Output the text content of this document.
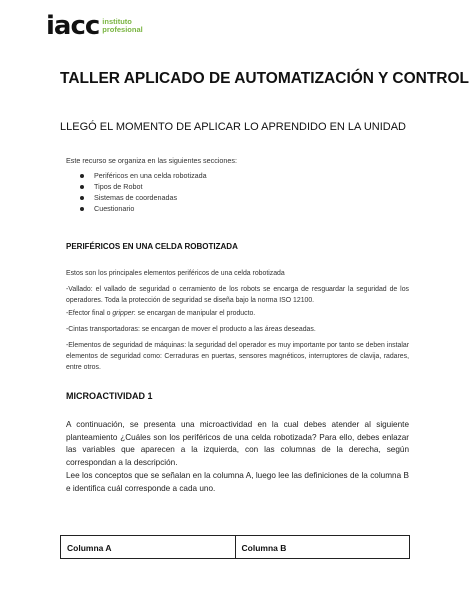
iacc instituto
profesional
TALLER APLICADO DE AUTOMATIZACIÓN Y CONTROL
LLEGÓ EL MOMENTO DE APLICAR LO APRENDIDO EN LA UNIDAD
Este recurso se organiza en las siguientes secciones:
Periféricos en una celda robotizada
Tipos de Robot
Sistemas de coordenadas
Cuestionario
PERIFÉRICOS EN UNA CELDA ROBOTIZADA
Estos son los principales elementos periféricos de una celda robotizada
-Vallado: el vallado de seguridad o cerramiento de los robots se encarga de resguardar la seguridad de los operadores. Toda la protección de seguridad se diseña bajo la norma ISO 12100.
-Efector final o gripper: se encargan de manipular el producto.
-Cintas transportadoras: se encargan de mover el producto a las áreas deseadas.
-Elementos de seguridad de máquinas: la seguridad del operador es muy importante por tanto se deben instalar elementos de seguridad como: Cerraduras en puertas, sensores magnéticos, interruptores de clavija, radares, entre otros.
MICROACTIVIDAD 1
A continuación, se presenta una microactividad en la cual debes atender al siguiente planteamiento ¿Cuáles son los periféricos de una celda robotizada? Para ello, debes enlazar las variables que aparecen a la izquierda, con las columnas de la derecha, según correspondan a la descripción.
Lee los conceptos que se señalan en la columna A, luego lee las definiciones de la columna B e identifica cuál corresponde a cada uno.
Columna A	Columna B
